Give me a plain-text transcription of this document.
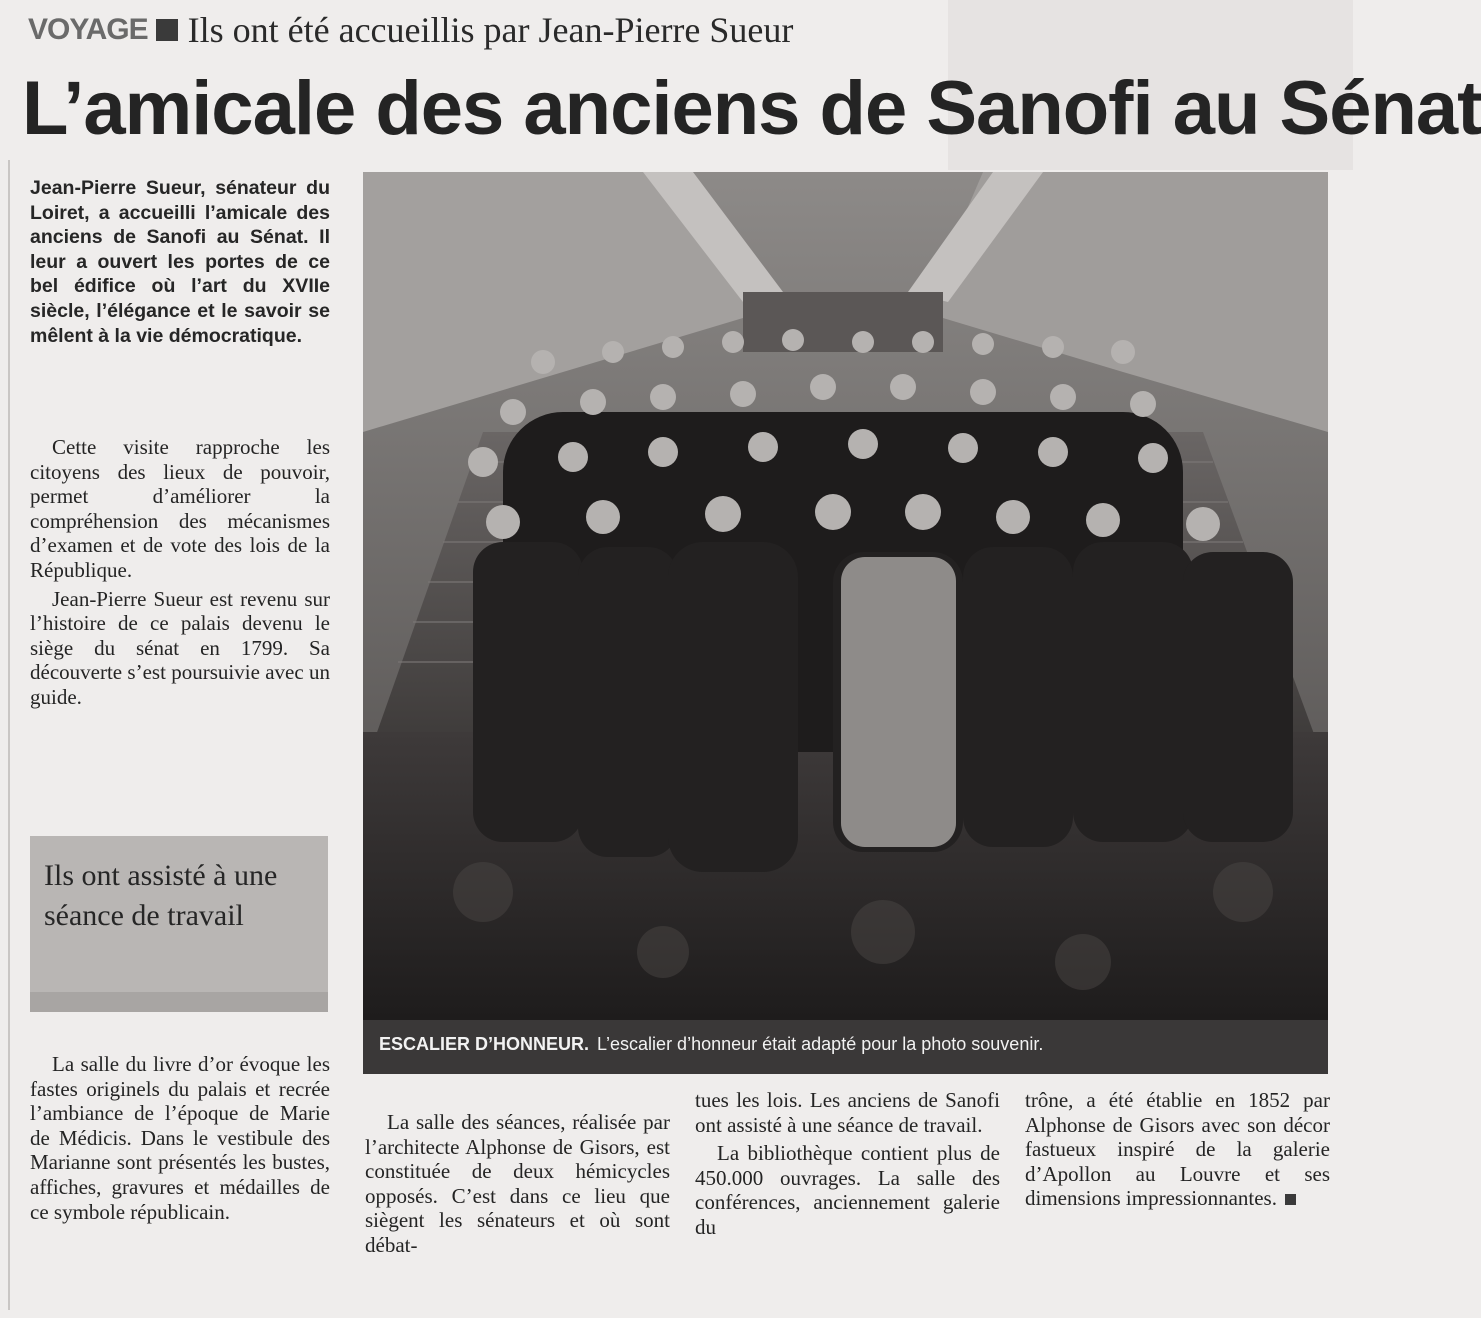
VOYAGE Ils ont été accueillis par Jean-Pierre Sueur
L’amicale des anciens de Sanofi au Sénat

Jean-Pierre Sueur, sénateur du Loiret, a accueilli l’amicale des anciens de Sanofi au Sénat. Il leur a ouvert les portes de ce bel édifice où l’art du XVIIe siècle, l’élégance et le savoir se mêlent à la vie démocratique.

Cette visite rapproche les citoyens des lieux de pouvoir, permet d’améliorer la compréhension des mécanismes d’examen et de vote des lois de la République.

Jean-Pierre Sueur est revenu sur l’histoire de ce palais devenu le siège du sénat en 1799. Sa découverte s’est poursuivie avec un guide.

Ils ont assisté à une séance de travail

La salle du livre d’or évoque les fastes originels du palais et recrée l’ambiance de l’époque de Marie de Médicis. Dans le vestibule des Marianne sont présentés les bustes, affiches, gravures et médailles de ce symbole républicain.

La salle des séances, réalisée par l’architecte Alphonse de Gisors, est constituée de deux hémicycles opposés. C’est dans ce lieu que siègent les sénateurs et où sont débat-

tues les lois. Les anciens de Sanofi ont assisté à une séance de travail.

La bibliothèque contient plus de 450.000 ouvrages. La salle des conférences, anciennement galerie du

trône, a été établie en 1852 par Alphonse de Gisors avec son décor fastueux inspiré de la galerie d’Apollon au Louvre et ses dimensions impressionnantes.

ESCALIER D’HONNEUR. L’escalier d’honneur était adapté pour la photo souvenir.
